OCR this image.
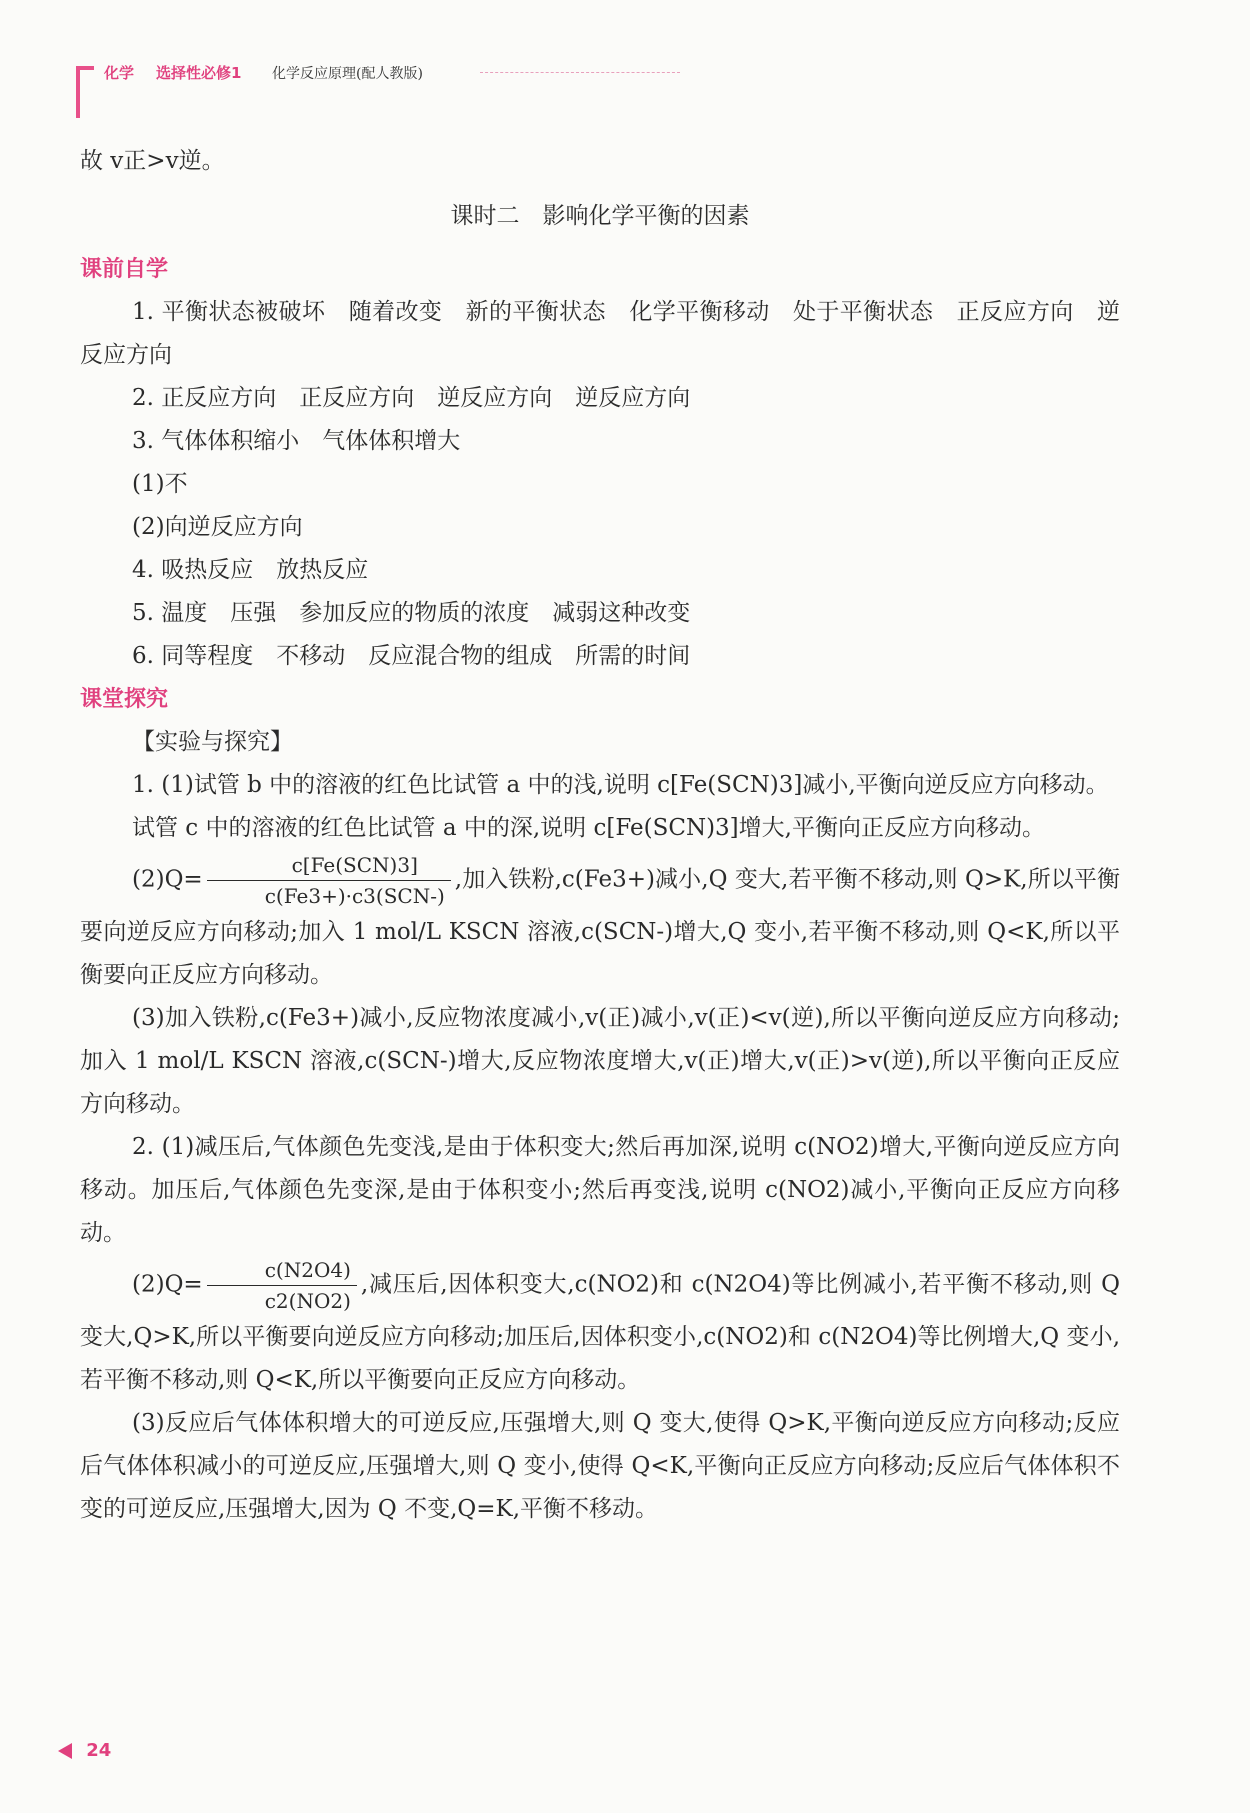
化学 选择性必修1 化学反应原理(配人教版)

故 v正>v逆。

课时二　影响化学平衡的因素

课前自学

1. 平衡状态被破坏　随着改变　新的平衡状态　化学平衡移动　处于平衡状态　正反应方向　逆反应方向

2. 正反应方向　正反应方向　逆反应方向　逆反应方向

3. 气体体积缩小　气体体积增大

(1)不

(2)向逆反应方向

4. 吸热反应　放热反应

5. 温度　压强　参加反应的物质的浓度　减弱这种改变

6. 同等程度　不移动　反应混合物的组成　所需的时间

课堂探究

【实验与探究】

1. (1)试管 b 中的溶液的红色比试管 a 中的浅,说明 c[Fe(SCN)3]减小,平衡向逆反应方向移动。

试管 c 中的溶液的红色比试管 a 中的深,说明 c[Fe(SCN)3]增大,平衡向正反应方向移动。

$(2)Q= \frac{\text{c[Fe(SCN)3]}}{\text{c(Fe3+)·c3(SCN-)}}$ ,加入铁粉,c(Fe3+)减小,Q 变大,若平衡不移动,则 Q>K,所以平衡要向逆反应方向移动;加入 1 mol/L KSCN 溶液,c(SCN-)增大,Q 变小,若平衡不移动,则 Q<K,所以平衡要向正反应方向移动。

(3)加入铁粉,c(Fe3+)减小,反应物浓度减小,v(正)减小,v(正)<v(逆),所以平衡向逆反应方向移动;加入 1 mol/L KSCN 溶液,c(SCN-)增大,反应物浓度增大,v(正)增大,v(正)>v(逆),所以平衡向正反应方向移动。

2. (1)减压后,气体颜色先变浅,是由于体积变大;然后再加深,说明 c(NO2)增大,平衡向逆反应方向移动。加压后,气体颜色先变深,是由于体积变小;然后再变浅,说明 c(NO2)减小,平衡向正反应方向移动。

$(2)Q= \frac{c(N2O4)}{c2(NO2)}$ ,减压后,因体积变大,c(NO2)和 c(N2O4)等比例减小,若平衡不移动,则 Q 变大,Q>K,所以平衡要向逆反应方向移动;加压后,因体积变小,c(NO2)和 c(N2O4)等比例增大,Q 变小,若平衡不移动,则 Q<K,所以平衡要向正反应方向移动。

(3)反应后气体体积增大的可逆反应,压强增大,则 Q 变大,使得 Q>K,平衡向逆反应方向移动;反应后气体体积减小的可逆反应,压强增大,则 Q 变小,使得 Q<K,平衡向正反应方向移动;反应后气体体积不变的可逆反应,压强增大,因为 Q 不变,Q=K,平衡不移动。

24
